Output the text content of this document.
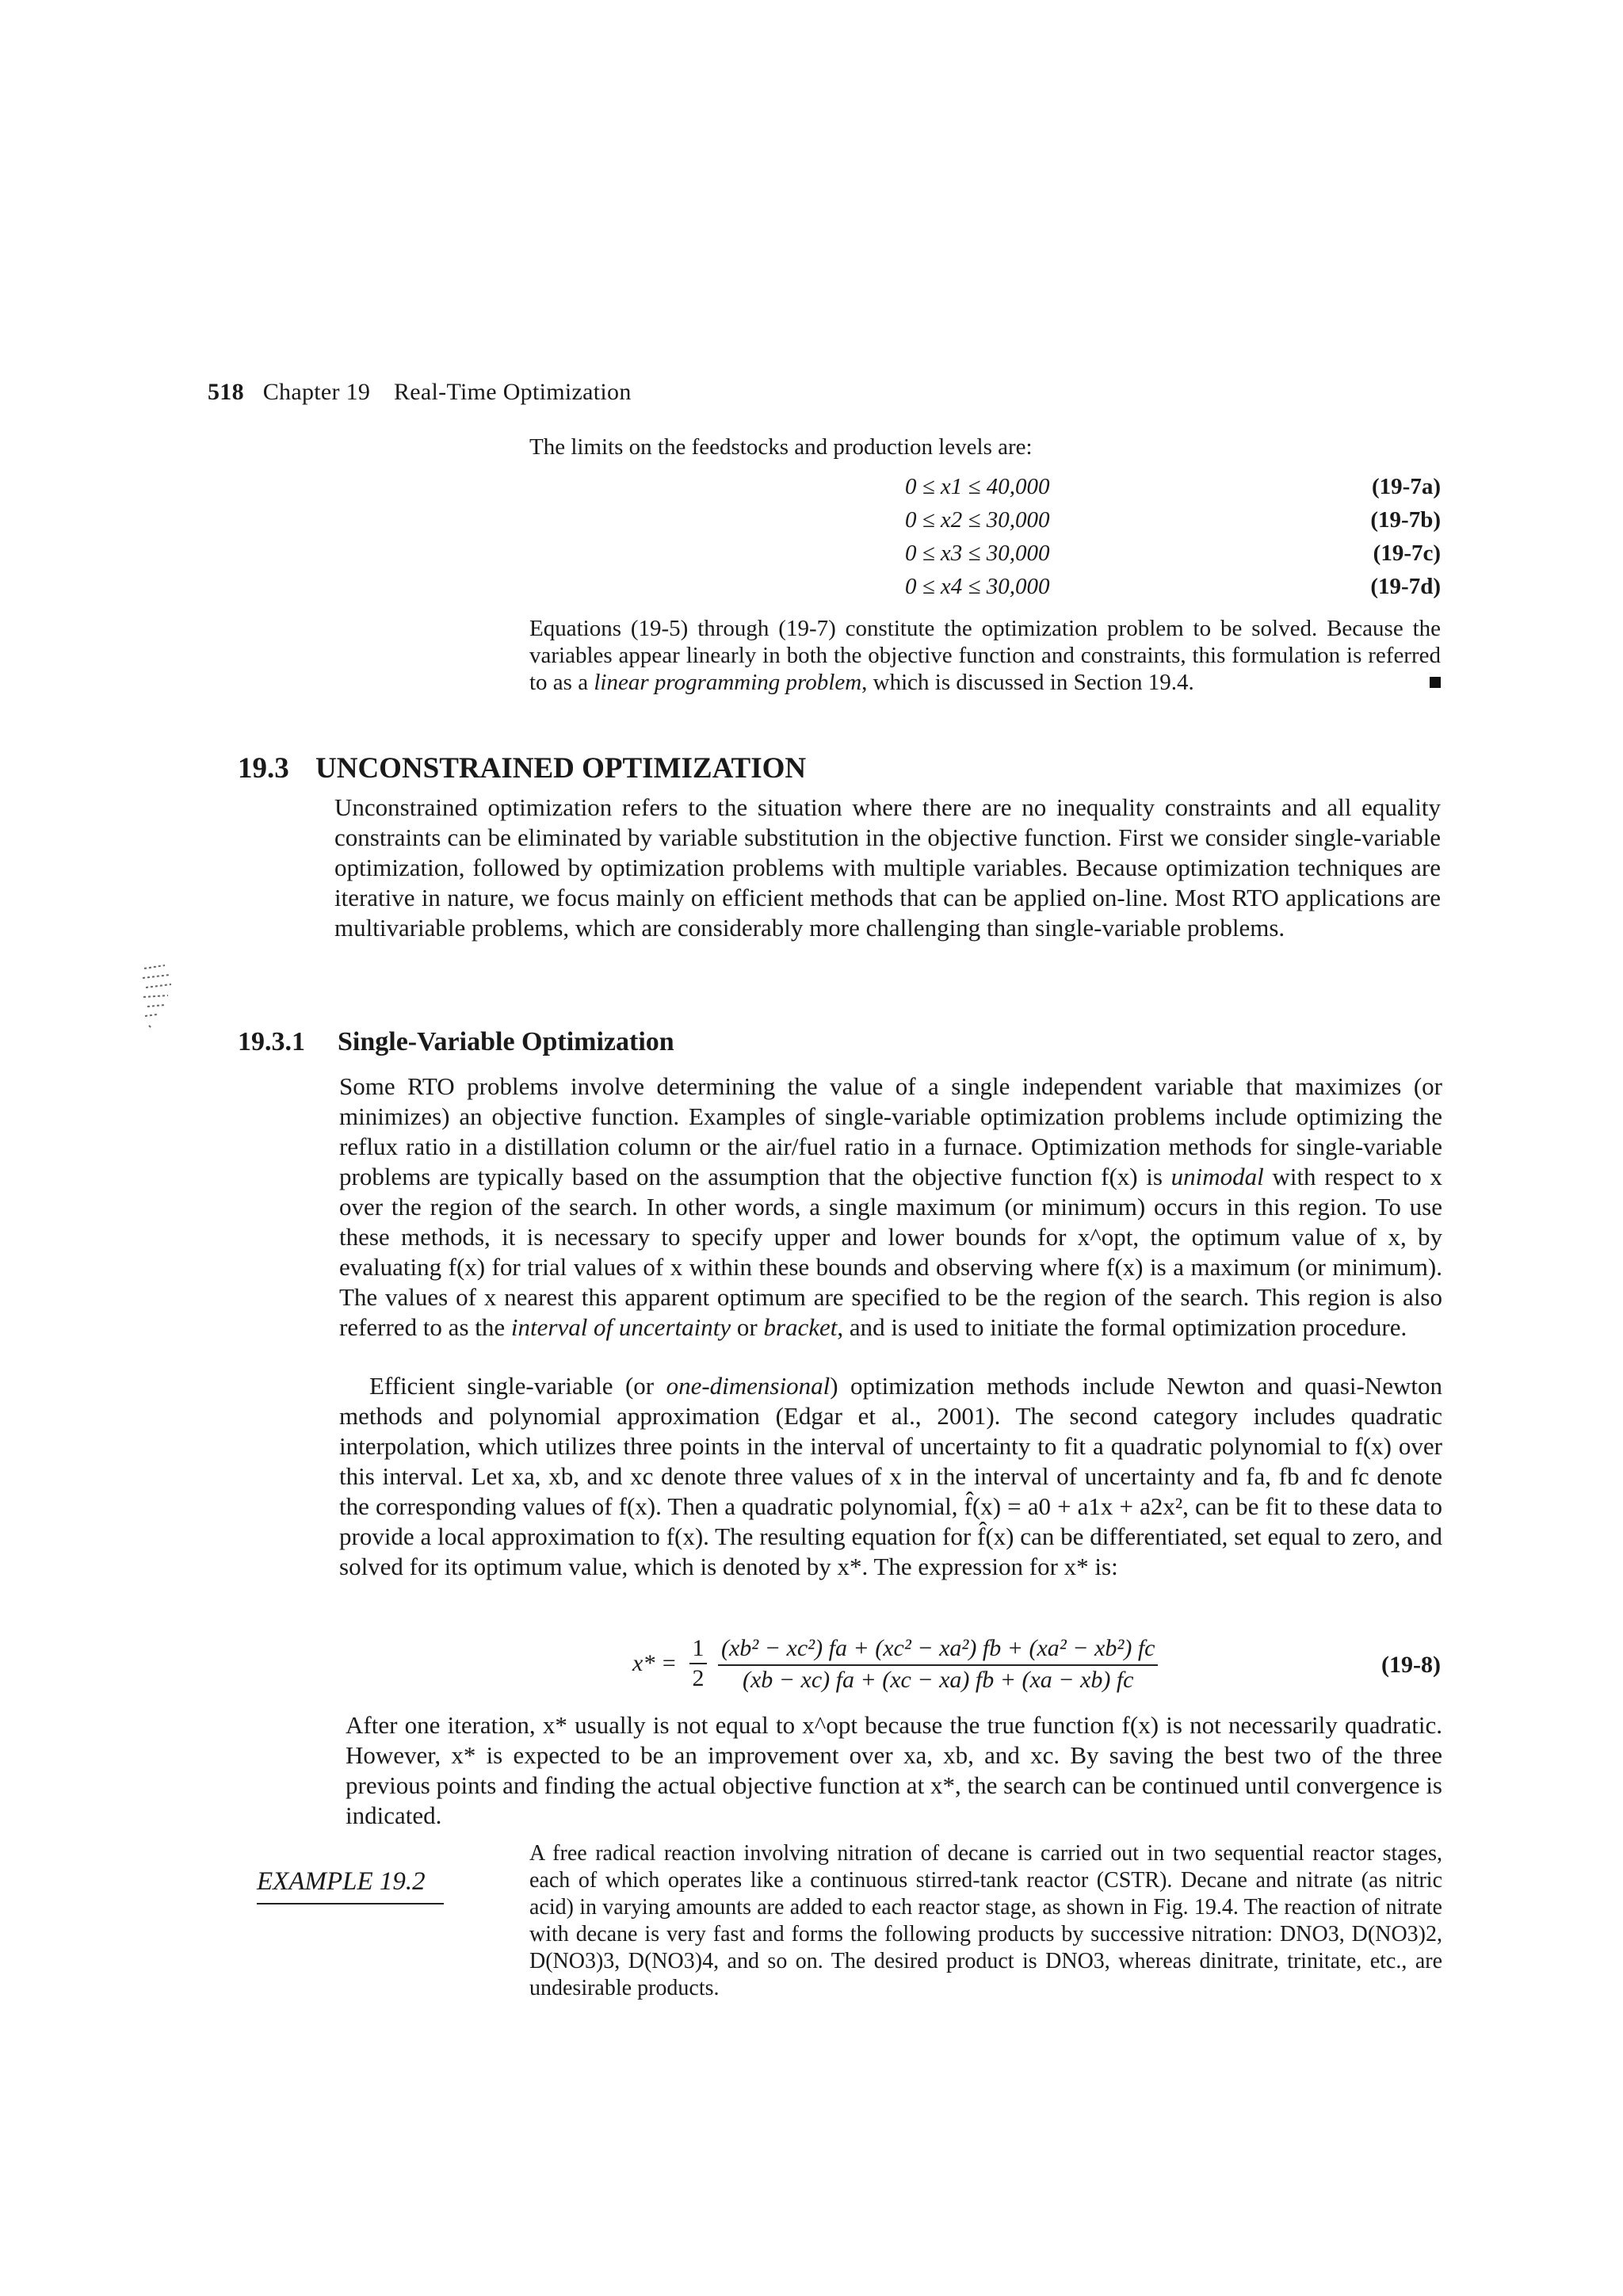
518 Chapter 19 Real-Time Optimization
The limits on the feedstocks and production levels are:
0 ≤ x1 ≤ 40,000	(19-7a)
0 ≤ x2 ≤ 30,000	(19-7b)
0 ≤ x3 ≤ 30,000	(19-7c)
0 ≤ x4 ≤ 30,000	(19-7d)
Equations (19-5) through (19-7) constitute the optimization problem to be solved. Because the variables appear linearly in both the objective function and constraints, this formulation is referred to as a linear programming problem, which is discussed in Section 19.4.
19.3 UNCONSTRAINED OPTIMIZATION
Unconstrained optimization refers to the situation where there are no inequality constraints and all equality constraints can be eliminated by variable substitution in the objective function. First we consider single-variable optimization, followed by optimization problems with multiple variables. Because optimization techniques are iterative in nature, we focus mainly on efficient methods that can be applied on-line. Most RTO applications are multivariable problems, which are considerably more challenging than single-variable problems.
19.3.1 Single-Variable Optimization
Some RTO problems involve determining the value of a single independent variable that maximizes (or minimizes) an objective function. Examples of single-variable optimization problems include optimizing the reflux ratio in a distillation column or the air/fuel ratio in a furnace. Optimization methods for single-variable problems are typically based on the assumption that the objective function f(x) is unimodal with respect to x over the region of the search. In other words, a single maximum (or minimum) occurs in this region. To use these methods, it is necessary to specify upper and lower bounds for x^opt, the optimum value of x, by evaluating f(x) for trial values of x within these bounds and observing where f(x) is a maximum (or minimum). The values of x nearest this apparent optimum are specified to be the region of the search. This region is also referred to as the interval of uncertainty or bracket, and is used to initiate the formal optimization procedure.
Efficient single-variable (or one-dimensional) optimization methods include Newton and quasi-Newton methods and polynomial approximation (Edgar et al., 2001). The second category includes quadratic interpolation, which utilizes three points in the interval of uncertainty to fit a quadratic polynomial to f(x) over this interval. Let xa, xb, and xc denote three values of x in the interval of uncertainty and fa, fb and fc denote the corresponding values of f(x). Then a quadratic polynomial, f̂(x) = a0 + a1x + a2x², can be fit to these data to provide a local approximation to f(x). The resulting equation for f̂(x) can be differentiated, set equal to zero, and solved for its optimum value, which is denoted by x*. The expression for x* is:
$x* = \frac{1}{2} \frac{\text{(xb² − xc²) fa + (xc² − xa²) fb + (xa² − xb²) fc}}{(xb - xc) fa + (xc - xa) fb + (xa - xb) fc}$	(19-8)
After one iteration, x* usually is not equal to x^opt because the true function f(x) is not necessarily quadratic. However, x* is expected to be an improvement over xa, xb, and xc. By saving the best two of the three previous points and finding the actual objective function at x*, the search can be continued until convergence is indicated.
EXAMPLE 19.2
A free radical reaction involving nitration of decane is carried out in two sequential reactor stages, each of which operates like a continuous stirred-tank reactor (CSTR). Decane and nitrate (as nitric acid) in varying amounts are added to each reactor stage, as shown in Fig. 19.4. The reaction of nitrate with decane is very fast and forms the following products by successive nitration: DNO3, D(NO3)2, D(NO3)3, D(NO3)4, and so on. The desired product is DNO3, whereas dinitrate, trinitate, etc., are undesirable products.
